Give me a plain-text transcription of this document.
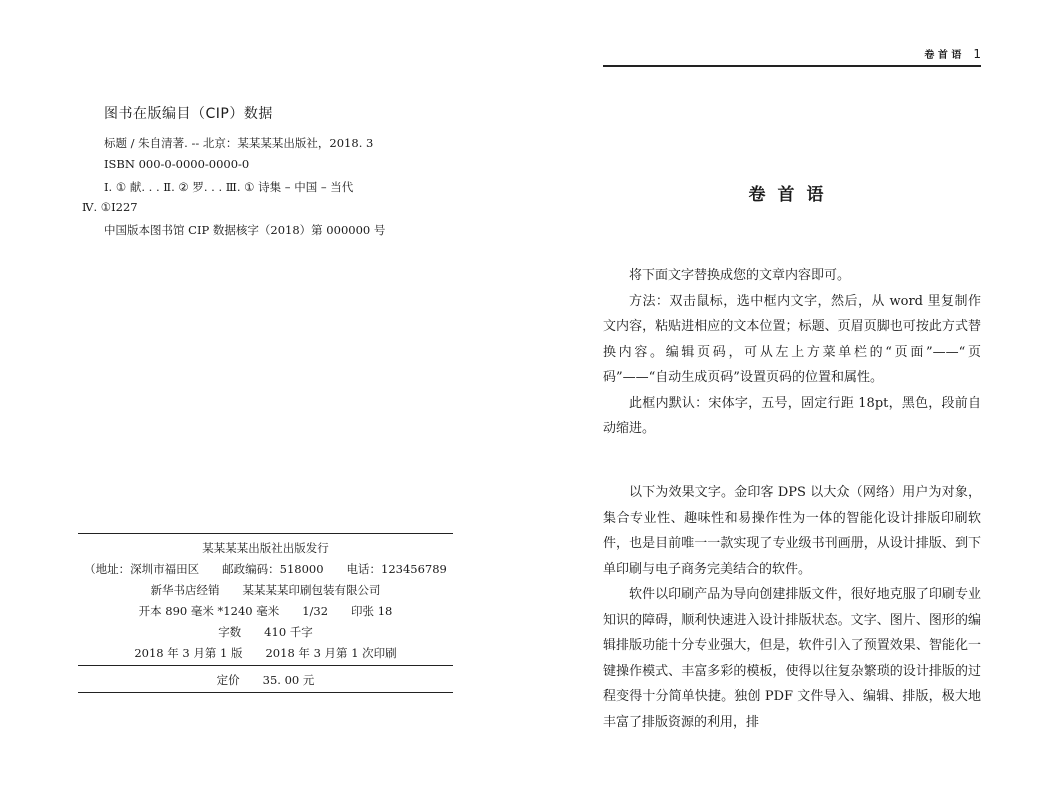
图书在版编目（CIP）数据
标题 / 朱自清著. -- 北京：某某某某出版社，2018. 3
ISBN 000-0-0000-0000-0
Ⅰ. ① 献. . . Ⅱ. ② 罗. . . Ⅲ. ① 诗集 – 中国 – 当代
Ⅳ. ①I227
中国版本图书馆 CIP 数据核字（2018）第 000000 号
某某某某出版社出版发行
（地址：深圳市福田区　　邮政编码：518000　　电话：123456789
新华书店经销　　某某某某印刷包装有限公司
开本 890 毫米 *1240 毫米　　1/32　　印张 18
字数　　410 千字
2018 年 3 月第 1 版　　2018 年 3 月第 1 次印刷
定价　　35. 00 元
卷 首 语 1
卷首语

将下面文字替换成您的文章内容即可。

方法：双击鼠标，选中框内文字，然后，从 word 里复制作文内容，粘贴进相应的文本位置；标题、页眉页脚也可按此方式替换内容。编辑页码，可从左上方菜单栏的“页面”——“页码”——“自动生成页码”设置页码的位置和属性。

此框内默认：宋体字，五号，固定行距 18pt，黑色，段前自动缩进。

以下为效果文字。金印客 DPS 以大众（网络）用户为对象，集合专业性、趣味性和易操作性为一体的智能化设计排版印刷软件，也是目前唯一一款实现了专业级书刊画册，从设计排版、到下单印刷与电子商务完美结合的软件。

软件以印刷产品为导向创建排版文件，很好地克服了印刷专业知识的障碍，顺利快速进入设计排版状态。文字、图片、图形的编辑排版功能十分专业强大，但是，软件引入了预置效果、智能化一键操作模式、丰富多彩的模板，使得以往复杂繁琐的设计排版的过程变得十分简单快捷。独创 PDF 文件导入、编辑、排版，极大地丰富了排版资源的利用，排
